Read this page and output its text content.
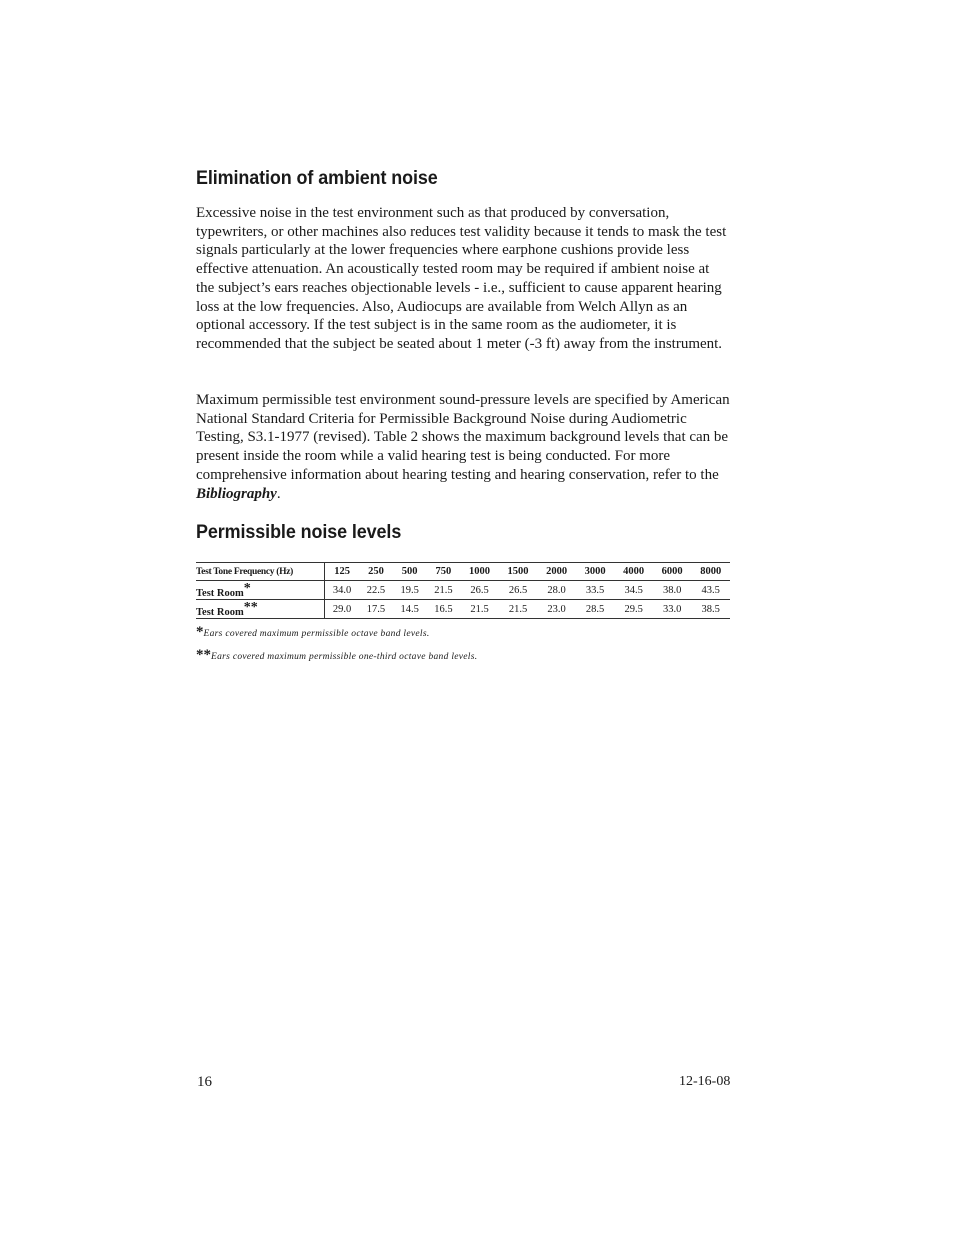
Elimination of ambient noise

Excessive noise in the test environment such as that produced by conversation, typewriters, or other machines also reduces test validity because it tends to mask the test signals particularly at the lower frequencies where earphone cushions provide less effective attenuation. An acoustically tested room may be required if ambient noise at the subject’s ears reaches objectionable levels - i.e., sufficient to cause apparent hearing loss at the low frequencies. Also, Audiocups are available from Welch Allyn as an optional accessory. If the test subject is in the same room as the audiometer, it is recommended that the subject be seated about 1 meter (-3 ft) away from the instrument.

Maximum permissible test environment sound-pressure levels are specified by American National Standard Criteria for Permissible Background Noise during Audiometric Testing, S3.1-1977 (revised). Table 2 shows the maximum background levels that can be present inside the room while a valid hearing test is being conducted. For more comprehensive information about hearing testing and hearing conservation, refer to the Bibliography.

Permissible noise levels
Test Tone Frequency (Hz)	125	250	500	750	1000	1500	2000	3000	4000	6000	8000
Test Room*	34.0	22.5	19.5	21.5	26.5	26.5	28.0	33.5	34.5	38.0	43.5
Test Room**	29.0	17.5	14.5	16.5	21.5	21.5	23.0	28.5	29.5	33.0	38.5
*Ears covered maximum permissible octave band levels.
**Ears covered maximum permissible one-third octave band levels.
16	12-16-08
